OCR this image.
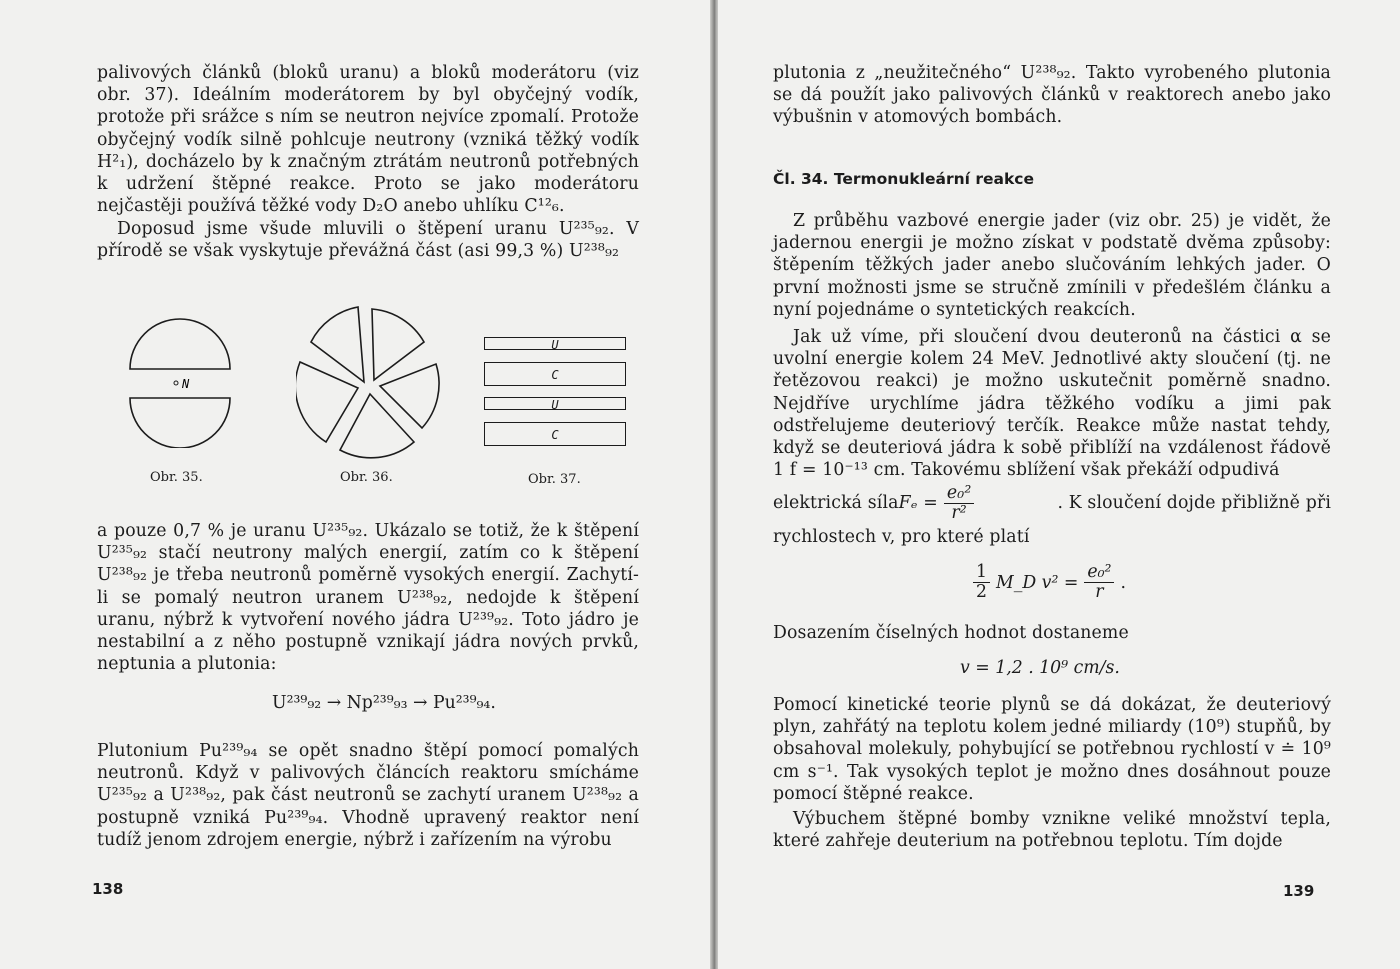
palivových článků (bloků uranu) a bloků moderátoru (viz obr. 37). Ideálním moderátorem by byl obyčejný vodík, protože při srážce s ním se neutron nejvíce zpomalí. Protože obyčejný vodík silně pohlcuje neutrony (vzniká těžký vodík H²₁), docházelo by k značným ztrátám neutronů potřebných k udržení štěpné reakce. Proto se jako moderátoru nejčastěji používá těžké vody D₂O anebo uhlíku C¹²₆.

Doposud jsme všude mluvili o štěpení uranu U²³⁵₉₂. V přírodě se však vyskytuje převážná část (asi 99,3 %) U²³⁸₉₂

N
U
C
U
C
Obr. 35.	Obr. 36.	Obr. 37.

a pouze 0,7 % je uranu U²³⁵₉₂. Ukázalo se totiž, že k štěpení U²³⁵₉₂ stačí neutrony malých energií, zatím co k štěpení U²³⁸₉₂ je třeba neutronů poměrně vysokých energií. Zachytí-li se pomalý neutron uranem U²³⁸₉₂, nedojde k štěpení uranu, nýbrž k vytvoření nového jádra U²³⁹₉₂. Toto jádro je nestabilní a z něho postupně vznikají jádra nových prvků, neptunia a plutonia:

U²³⁹₉₂ → Np²³⁹₉₃ → Pu²³⁹₉₄.

Plutonium Pu²³⁹₉₄ se opět snadno štěpí pomocí pomalých neutronů. Když v palivových článcích reaktoru smícháme U²³⁵₉₂ a U²³⁸₉₂, pak část neutronů se zachytí uranem U²³⁸₉₂ a postupně vzniká Pu²³⁹₉₄. Vhodně upravený reaktor není tudíž jenom zdrojem energie, nýbrž i zařízením na výrobu

138

plutonia z „neužitečného“ U²³⁸₉₂. Takto vyrobeného plutonia se dá použít jako palivových článků v reaktorech anebo jako výbušnin v atomových bombách.

Čl. 34. Termonukleární reakce

Z průběhu vazbové energie jader (viz obr. 25) je vidět, že jadernou energii je možno získat v podstatě dvěma způsoby: štěpením těžkých jader anebo slučováním lehkých jader. O první možnosti jsme se stručně zmínili v předešlém článku a nyní pojednáme o syntetických reakcích.

Jak už víme, při sloučení dvou deuteronů na částici α se uvolní energie kolem 24 MeV. Jednotlivé akty sloučení (tj. ne řetězovou reakci) je možno uskutečnit poměrně snadno. Nejdříve urychlíme jádra těžkého vodíku a jimi pak odstřelujeme deuteriový terčík. Reakce může nastat tehdy, když se deuteriová jádra k sobě přiblíží na vzdálenost řádově 1 f = 10⁻¹³ cm. Takovému sblížení však překáží odpudivá

elektrická síla $F_e = \frac{\text{e₀²}}{\text{r²}}$	. K sloučení dojde přibližně při

rychlostech v, pro které platí

$\frac{1}{2}$ M_D $v^2 = \frac{\text{e₀²}}{r}$ .

Dosazením číselných hodnot dostaneme

v = 1,2 . 10⁹ cm/s.

Pomocí kinetické teorie plynů se dá dokázat, že deuteriový plyn, zahřátý na teplotu kolem jedné miliardy (10⁹) stupňů, by obsahoval molekuly, pohybující se potřebnou rychlostí v ≐ 10⁹ cm s⁻¹. Tak vysokých teplot je možno dnes dosáhnout pouze pomocí štěpné reakce.

Výbuchem štěpné bomby vznikne veliké množství tepla, které zahřeje deuterium na potřebnou teplotu. Tím dojde

139
